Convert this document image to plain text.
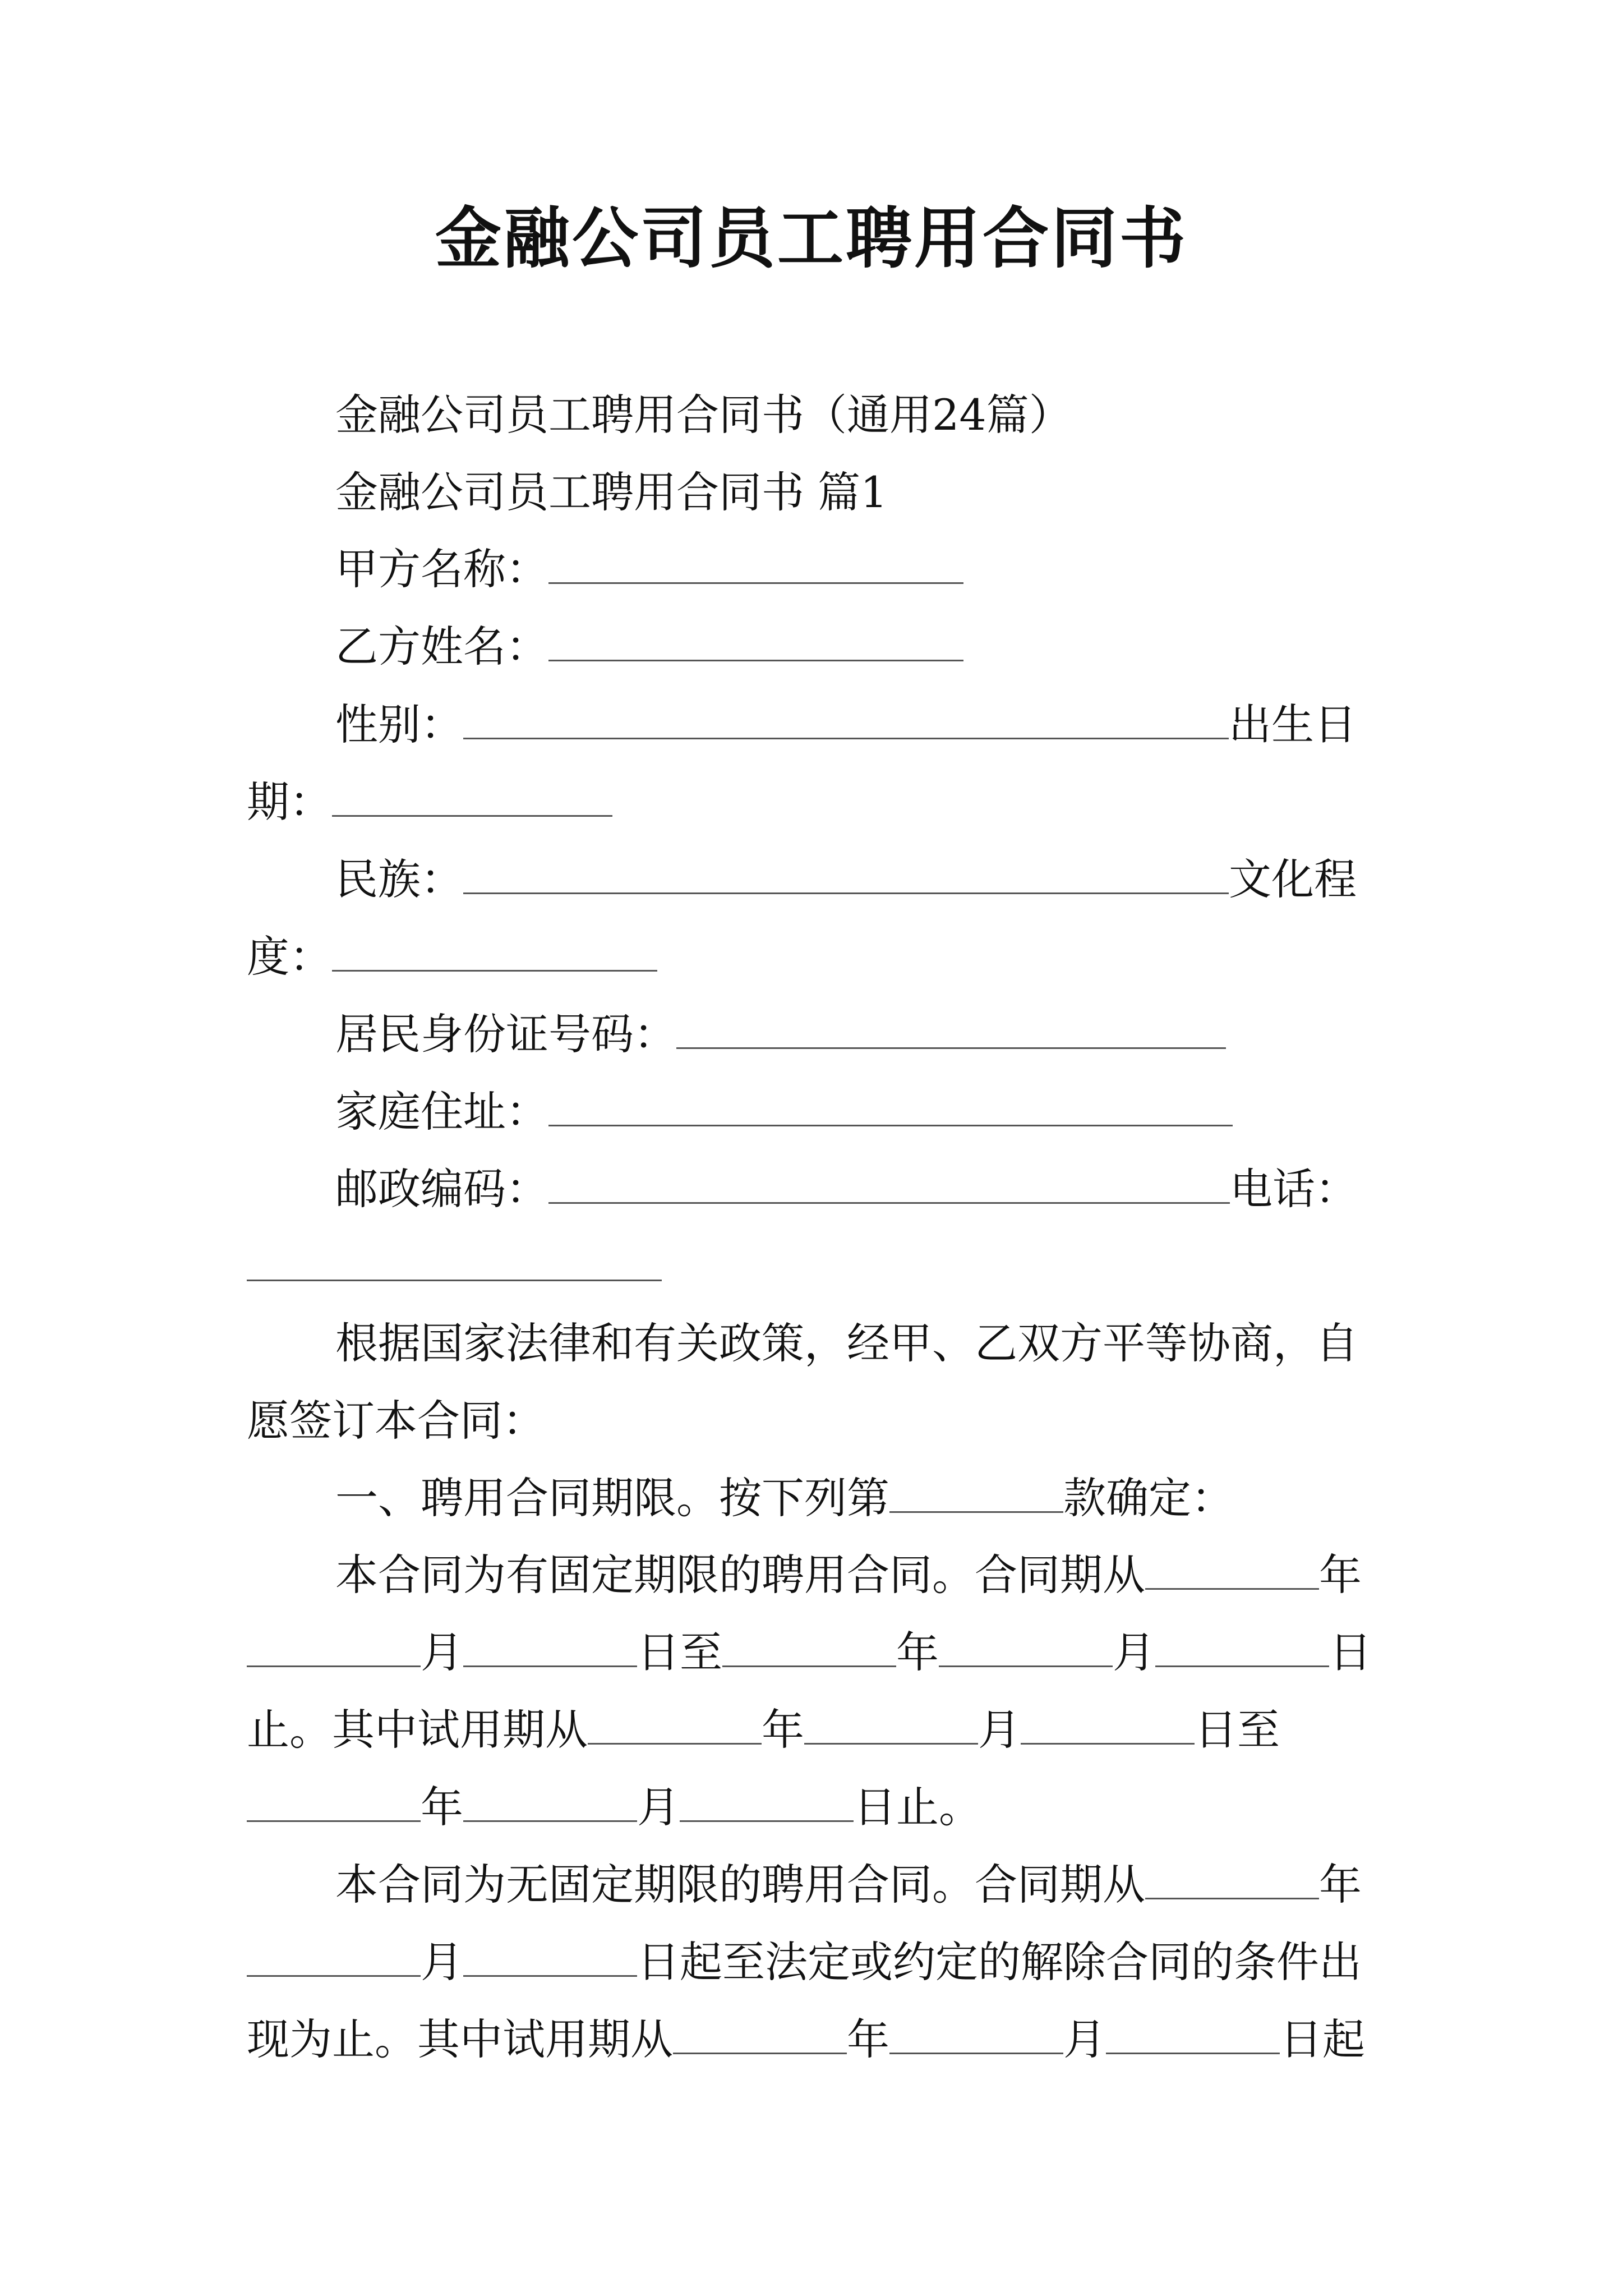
金融公司员工聘用合同书
金融公司员工聘用合同书（通用24篇）
金融公司员工聘用合同书 篇1
甲方名称：
乙方姓名：
性别：	出生日
期：
民族：	文化程
度：
居民身份证号码：
家庭住址：
邮政编码：	电话：
根据国家法律和有关政策，经甲、乙双方平等协商，自
愿签订本合同：
一、聘用合同期限。按下列第	款确定：
本合同为有固定期限的聘用合同。合同期从	年
月	日至	年	月	日
止。其中试用期从	年	月	日至
年	月	日止。
本合同为无固定期限的聘用合同。合同期从	年
月	日起至法定或约定的解除合同的条件出
现为止。其中试用期从	年	月	日起
